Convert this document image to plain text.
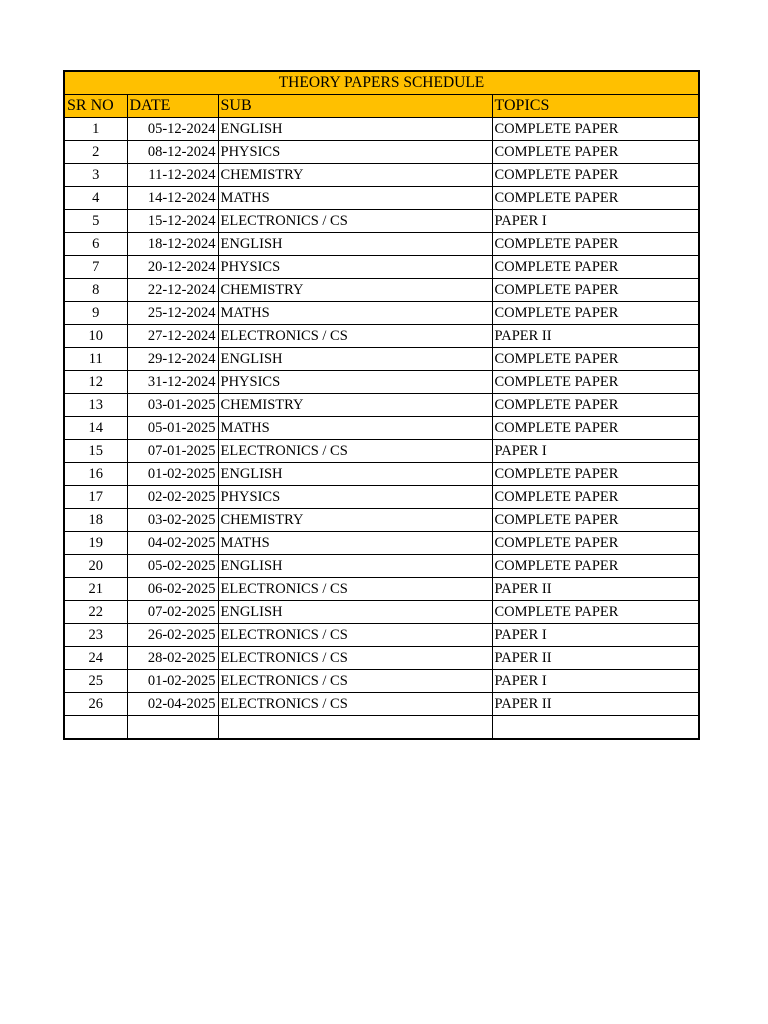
THEORY PAPERS SCHEDULE			
SR NO	DATE	SUB	TOPICS
1	05-12-2024	ENGLISH	COMPLETE PAPER
2	08-12-2024	PHYSICS	COMPLETE PAPER
3	11-12-2024	CHEMISTRY	COMPLETE PAPER
4	14-12-2024	MATHS	COMPLETE PAPER
5	15-12-2024	ELECTRONICS / CS	PAPER I
6	18-12-2024	ENGLISH	COMPLETE PAPER
7	20-12-2024	PHYSICS	COMPLETE PAPER
8	22-12-2024	CHEMISTRY	COMPLETE PAPER
9	25-12-2024	MATHS	COMPLETE PAPER
10	27-12-2024	ELECTRONICS / CS	PAPER II
11	29-12-2024	ENGLISH	COMPLETE PAPER
12	31-12-2024	PHYSICS	COMPLETE PAPER
13	03-01-2025	CHEMISTRY	COMPLETE PAPER
14	05-01-2025	MATHS	COMPLETE PAPER
15	07-01-2025	ELECTRONICS / CS	PAPER I
16	01-02-2025	ENGLISH	COMPLETE PAPER
17	02-02-2025	PHYSICS	COMPLETE PAPER
18	03-02-2025	CHEMISTRY	COMPLETE PAPER
19	04-02-2025	MATHS	COMPLETE PAPER
20	05-02-2025	ENGLISH	COMPLETE PAPER
21	06-02-2025	ELECTRONICS / CS	PAPER II
22	07-02-2025	ENGLISH	COMPLETE PAPER
23	26-02-2025	ELECTRONICS / CS	PAPER I
24	28-02-2025	ELECTRONICS / CS	PAPER II
25	01-02-2025	ELECTRONICS / CS	PAPER I
26	02-04-2025	ELECTRONICS / CS	PAPER II
